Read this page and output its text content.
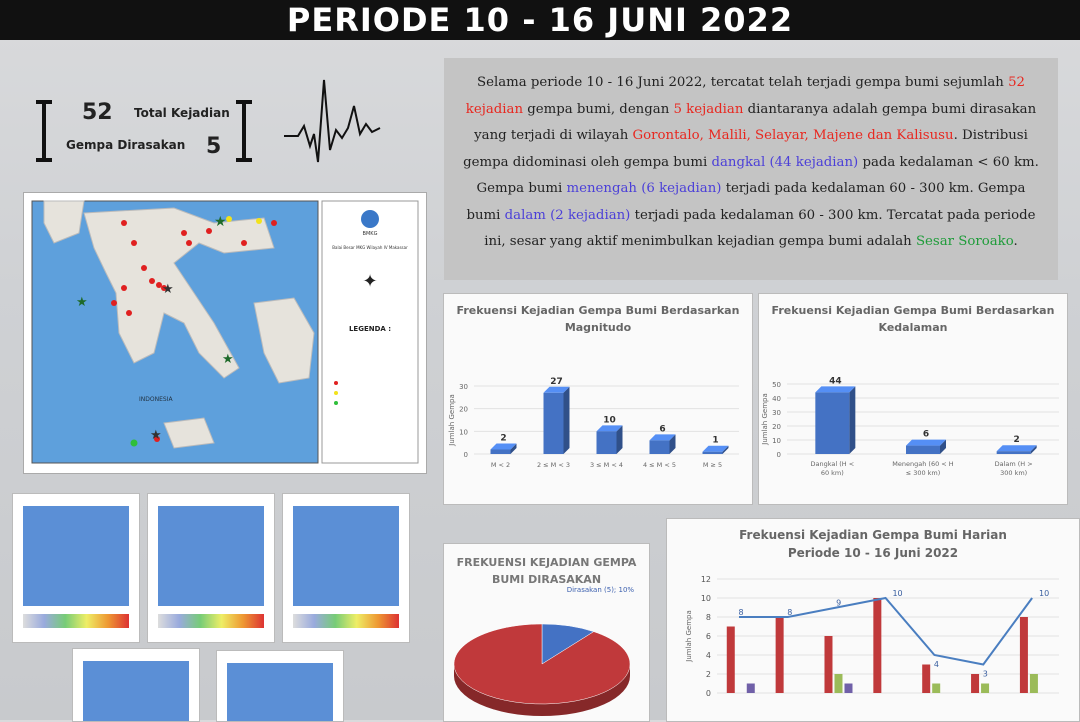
PERIODE 10 - 16 JUNI 2022
52 Total Kejadian
Gempa Dirasakan 5
Selama periode 10 - 16 Juni 2022, tercatat telah terjadi gempa bumi sejumlah 52 kejadian gempa bumi, dengan 5 kejadian diantaranya adalah gempa bumi dirasakan yang terjadi di wilayah Gorontalo, Malili, Selayar, Majene dan Kalisusu. Distribusi gempa didominasi oleh gempa bumi dangkal (44 kejadian) pada kedalaman < 60 km. Gempa bumi menengah (6 kejadian) terjadi pada kedalaman 60 - 300 km. Gempa bumi dalam (2 kejadian) terjadi pada kedalaman 60 - 300 km. Tercatat pada periode ini, sesar yang aktif menimbulkan kejadian gempa bumi adalah Sesar Soroako.
★
★
★
★
★
INDONESIA
BMKG
Balai Besar MKG Wilayah IV Makassar
✦
LEGENDA :
Frekuensi Kejadian Gempa Bumi Berdasarkan Magnitudo
0
10
20
30
Jumlah Gempa	2
M < 2
27
2 ≤ M < 3
10
3 ≤ M < 4
6
4 ≤ M < 5
1
M ≥ 5
Frekuensi Kejadian Gempa Bumi Berdasarkan Kedalaman
0
10
20
30
40
50
Jumlah Gempa
44
Dangkal (H <
60 km)
6
Menengah (60 < H
≤ 300 km)
2
Dalam (H >
300 km)
FREKUENSI KEJADIAN GEMPA BUMI DIRASAKAN
Dirasakan (5); 10%
Frekuensi Kejadian Gempa Bumi Harian
Periode 10 - 16 Juni 2022
0
2
4
6
8
10
12
Jumlah Gempa	8	8
9
10
4
3
10
